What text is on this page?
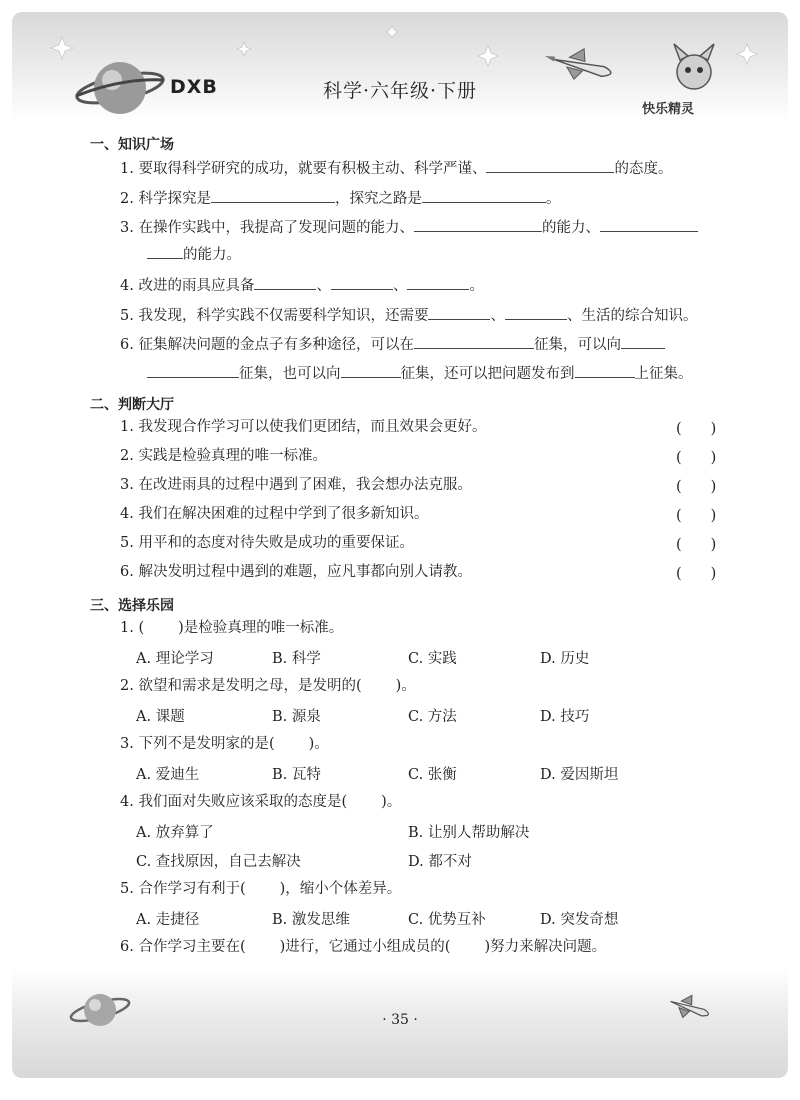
DXB	科学·六年级·下册
快乐精灵
一、知识广场
1. 要取得科学研究的成功，就要有积极主动、科学严谨、	的态度。
2. 科学探究是	，探究之路是	。
3. 在操作实践中，我提高了发现问题的能力、	的能力、
的能力。
4. 改进的雨具应具备	、	、	。
5. 我发现，科学实践不仅需要科学知识，还需要	、	、生活的综合知识。
6. 征集解决问题的金点子有多种途径，可以在	征集，可以向
征集，也可以向	征集，还可以把问题发布到	上征集。
二、判断大厅
1. 我发现合作学习可以使我们更团结，而且效果会更好。	(　　)
2. 实践是检验真理的唯一标准。	(　　)
3. 在改进雨具的过程中遇到了困难，我会想办法克服。	(　　)
4. 我们在解决困难的过程中学到了很多新知识。	(　　)
5. 用平和的态度对待失败是成功的重要保证。	(　　)
6. 解决发明过程中遇到的难题，应凡事都向别人请教。	(　　)
三、选择乐园
1. ( )是检验真理的唯一标准。
A. 理论学习	B. 科学	C. 实践	D. 历史
2. 欲望和需求是发明之母，是发明的( )。
A. 课题	B. 源泉	C. 方法	D. 技巧
3. 下列不是发明家的是( )。
A. 爱迪生	B. 瓦特	C. 张衡	D. 爱因斯坦
4. 我们面对失败应该采取的态度是( )。
A. 放弃算了	B. 让别人帮助解决
C. 查找原因，自己去解决	D. 都不对
5. 合作学习有利于( )，缩小个体差异。
A. 走捷径	B. 激发思维	C. 优势互补	D. 突发奇想
6. 合作学习主要在( )进行，它通过小组成员的( )努力来解决问题。
· 35 ·
